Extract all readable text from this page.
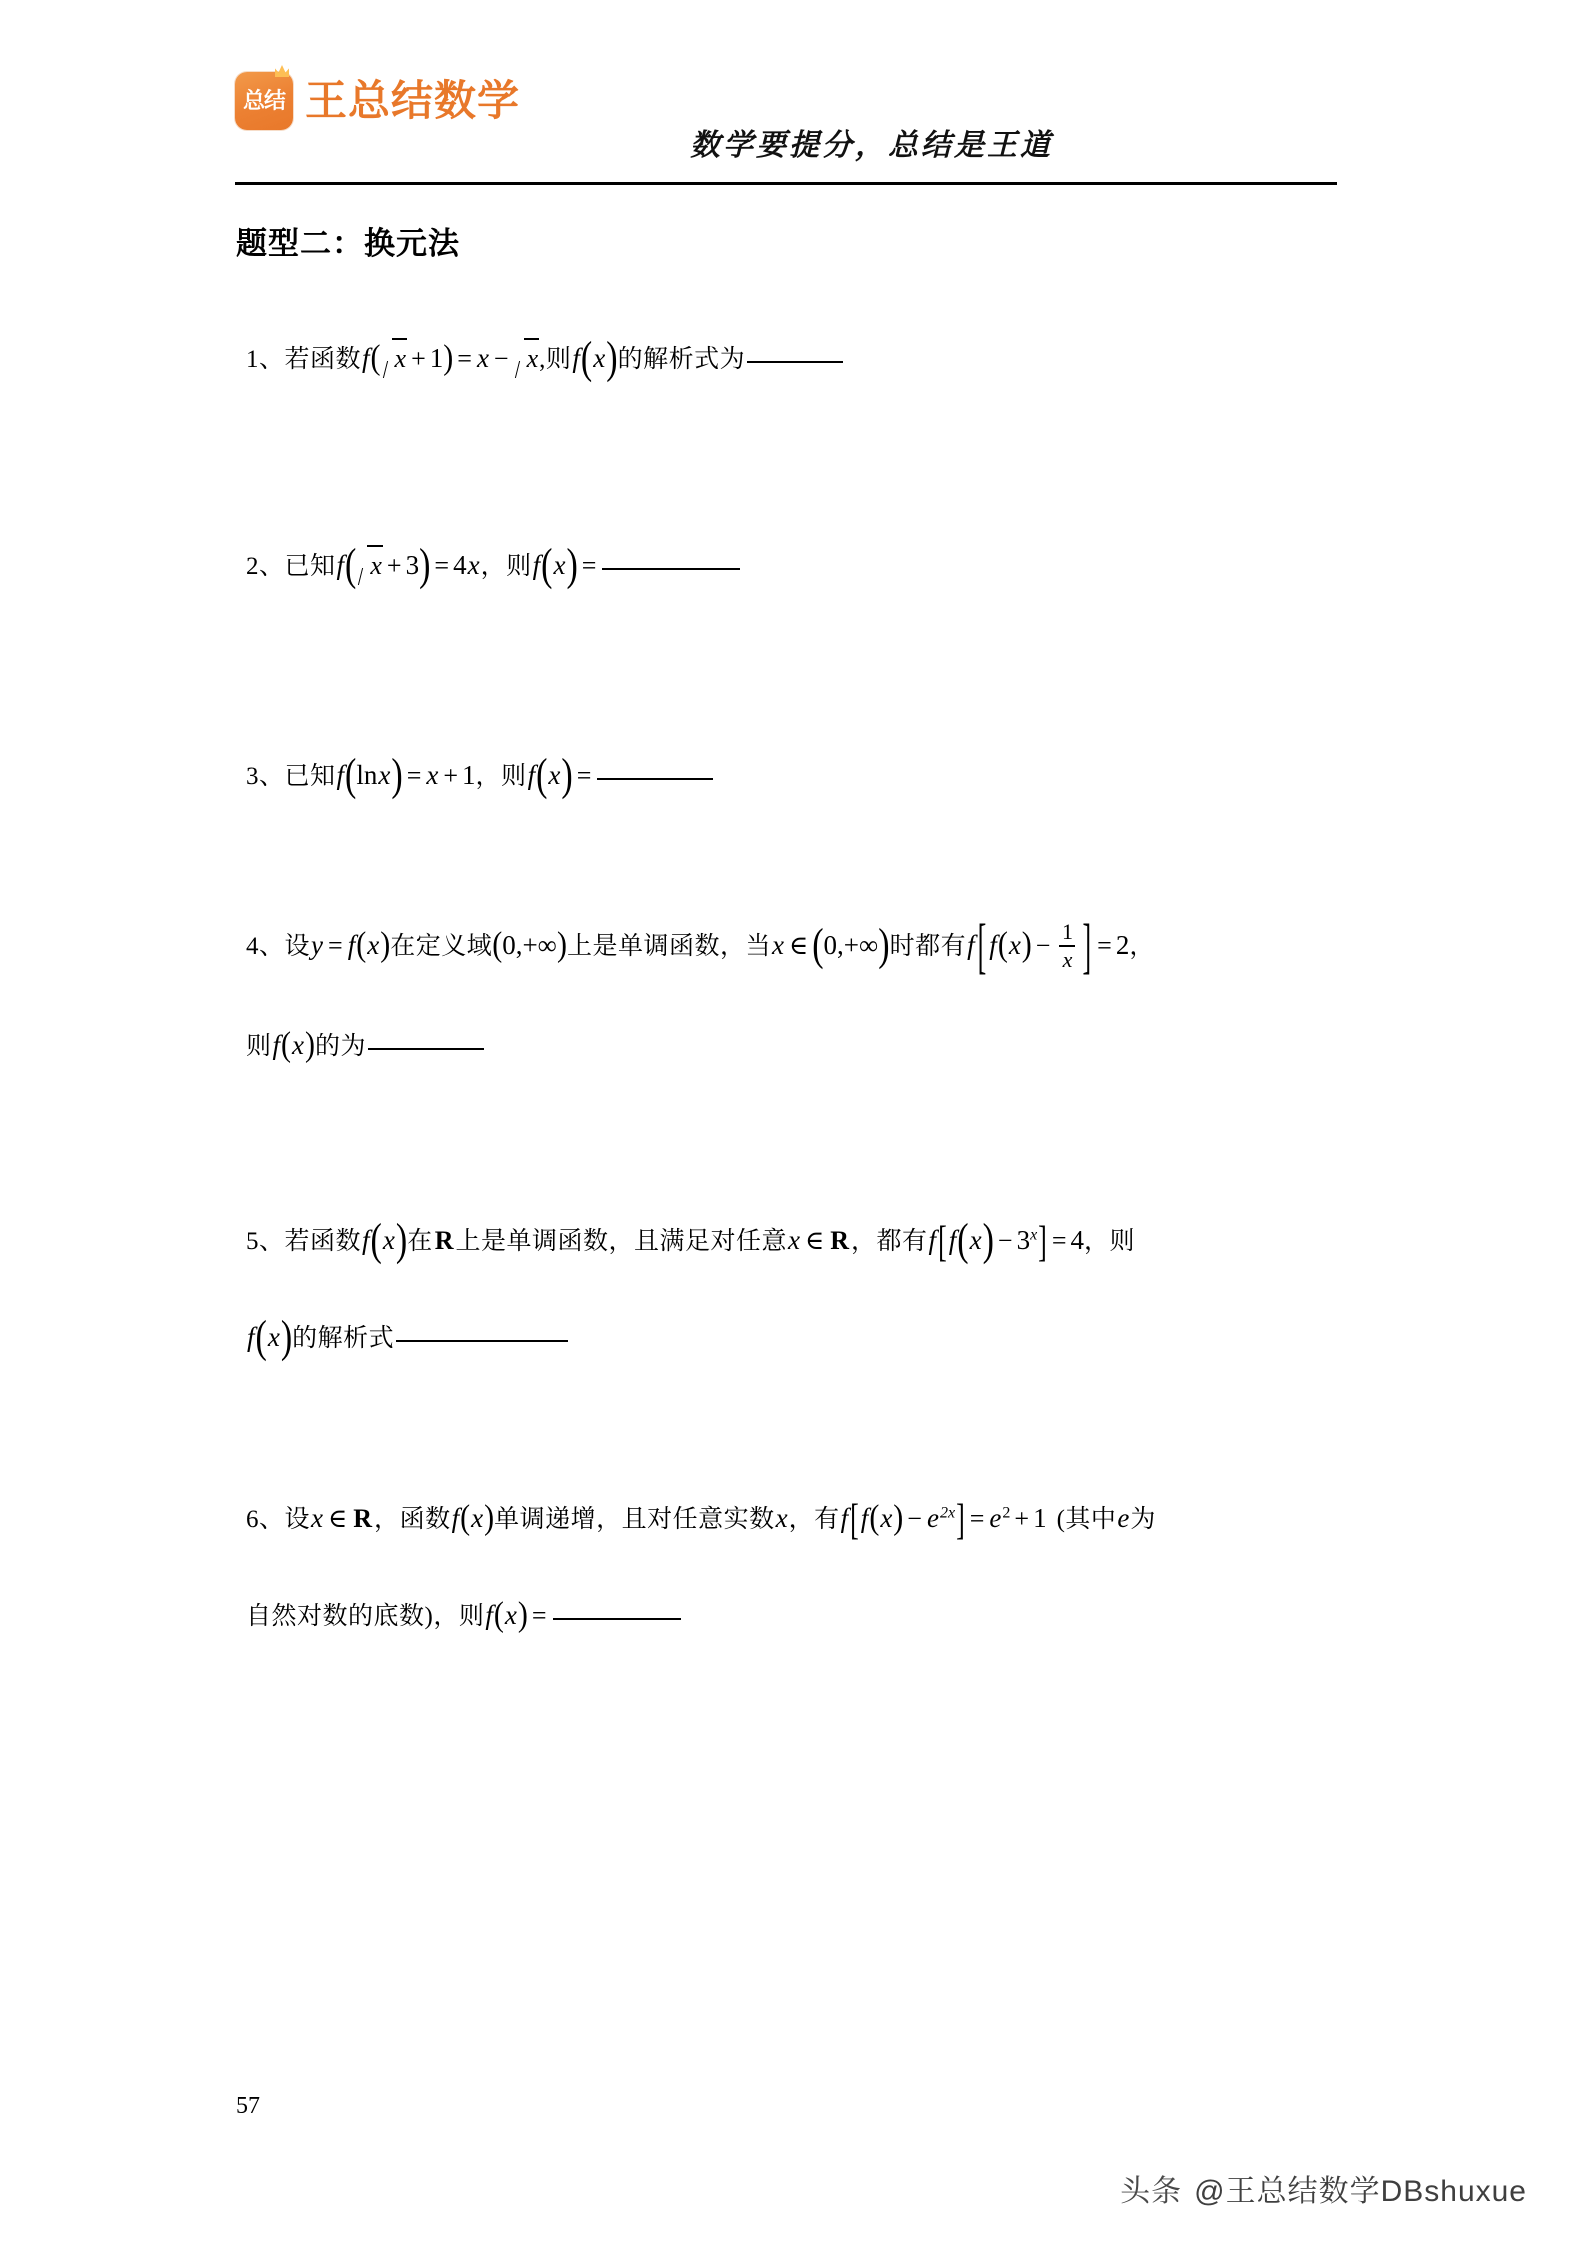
总结 王总结数学
数学要提分，总结是王道
题型二：换元法
1、若函数f( x + 1) = x − x,则f(x)的解析式为
2、已知f( x + 3) = 4x，则f(x) =
3、已知f(lnx) = x + 1，则f(x) =
4、设y = f(x)在定义域(0,+∞)上是单调函数，当x ∈ (0,+∞)时都有f [ $f(x) - \frac{1}{x}$ ] = 2，
则f(x)的为
5、若函数f(x)在R上是单调函数，且满足对任意x ∈ R，都有$f[f(x) - 3^x] = 4$，则
f(x)的解析式
6、设x ∈ R，函数f(x)单调递增，且对任意实数x，有$f[f(x) - e^{2x}] = e^2 + 1$ (其中e为
自然对数的底数)，则f(x) =
57
头条 @王总结数学DBshuxue
